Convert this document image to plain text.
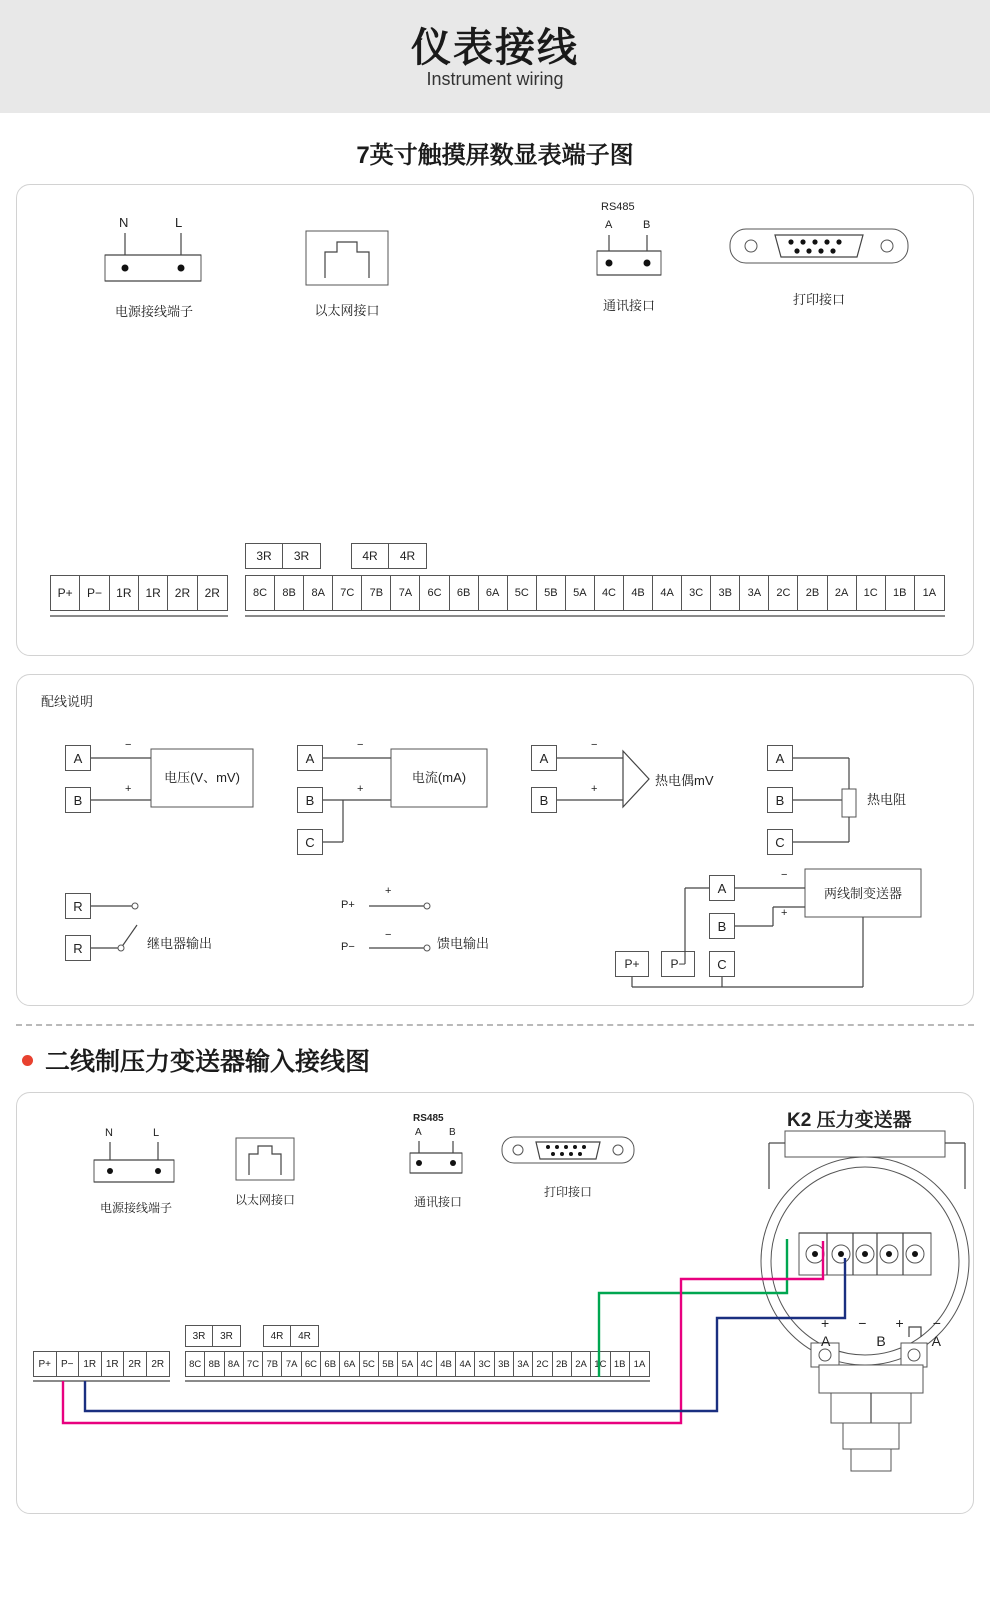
仪表接线
Instrument wiring
7英寸触摸屏数显表端子图
N	L
电源接线端子	以太网接口
RS485
A	B
通讯接口	打印接口
P+	P−	1R	1R	2R	2R
3R	3R	4R	4R
8C	8B	8A	7C	7B	7A	6C	6B	6A	5C	5B	5A	4C	4B	4A	3C	3B	3A	2C	2B	2A	1C	1B	1A
配线说明
A
B
−
+
电压(V、mV)
A
B
C
−
+
电流(mA)
A
B
−
+
热电偶mV
A
B
C
热电阻
R
R	继电器输出
P+
P−
+
−
馈电输出
A
B
C
P+	P−
−
+
两线制变送器
二线制压力变送器输入接线图
K2 压力变送器
N	L
电源接线端子
以太网接口
RS485
A	B
通讯接口
打印接口
P+ P− 1R 1R 2R	2R
3R	3R	4R	4R
8C 8B 8A 7C 7B 7A 6C 6B 6A 5C 5B 5A 4C 4B 4A 3C 3B 3A 2C 2B 2A 1C 1B 1A
+ − + −
A	B	A
